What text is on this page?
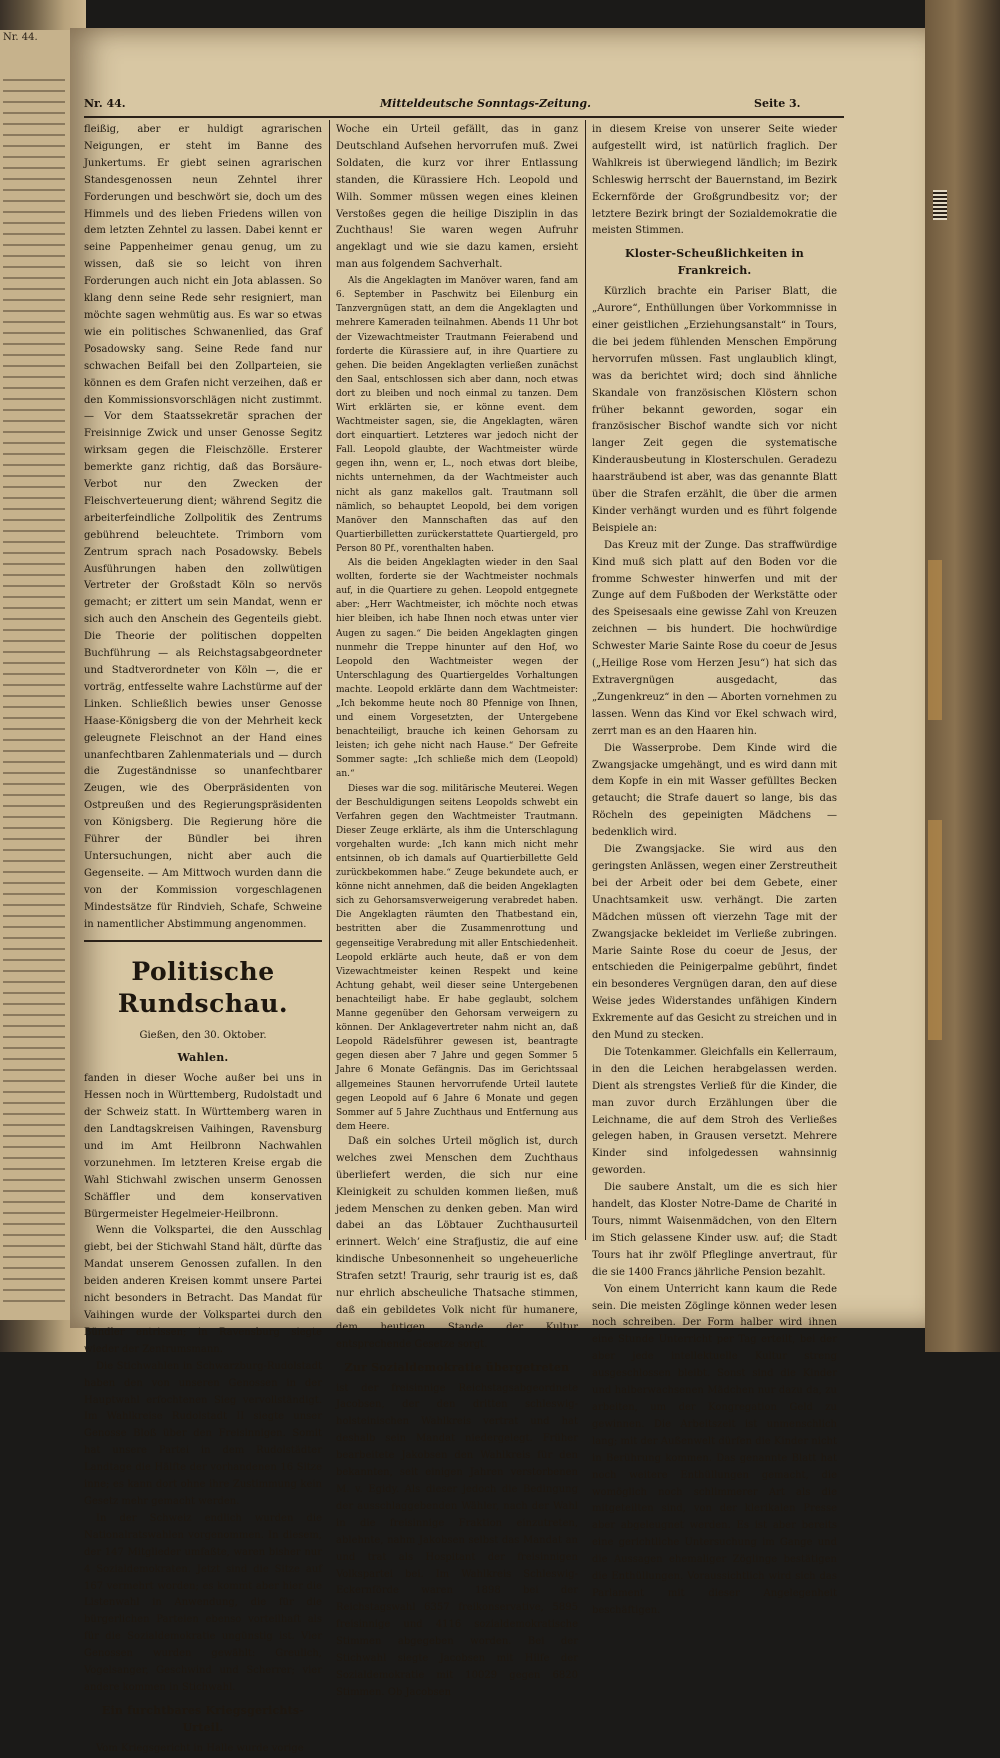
Nr. 44.
Nr. 44.	Mitteldeutsche Sonntags-Zeitung.	Seite 3.

fleißig, aber er huldigt agrarischen Neigungen, er steht im Banne des Junkertums. Er giebt seinen agrarischen Standesgenossen neun Zehntel ihrer Forderungen und beschwört sie, doch um des Himmels und des lieben Friedens willen von dem letzten Zehntel zu lassen. Dabei kennt er seine Pappenheimer genau genug, um zu wissen, daß sie so leicht von ihren Forderungen auch nicht ein Jota ablassen. So klang denn seine Rede sehr resigniert, man möchte sagen wehmütig aus. Es war so etwas wie ein politisches Schwanenlied, das Graf Posadowsky sang. Seine Rede fand nur schwachen Beifall bei den Zollparteien, sie können es dem Grafen nicht verzeihen, daß er den Kommissionsvorschlägen nicht zustimmt. — Vor dem Staatssekretär sprachen der Freisinnige Zwick und unser Genosse Segitz wirksam gegen die Fleischzölle. Ersterer bemerkte ganz richtig, daß das Borsäure-Verbot nur den Zwecken der Fleischverteuerung dient; während Segitz die arbeiterfeindliche Zollpolitik des Zentrums gebührend beleuchtete. Trimborn vom Zentrum sprach nach Posadowsky. Bebels Ausführungen haben den zollwütigen Vertreter der Großstadt Köln so nervös gemacht; er zittert um sein Mandat, wenn er sich auch den Anschein des Gegenteils giebt. Die Theorie der politischen doppelten Buchführung — als Reichstagsabgeordneter und Stadtverordneter von Köln —, die er vorträg, entfesselte wahre Lachstürme auf der Linken. Schließlich bewies unser Genosse Haase-Königsberg die von der Mehrheit keck geleugnete Fleischnot an der Hand eines unanfechtbaren Zahlenmaterials und — durch die Zugeständnisse so unanfechtbarer Zeugen, wie des Oberpräsidenten von Ostpreußen und des Regierungspräsidenten von Königsberg. Die Regierung höre die Führer der Bündler bei ihren Untersuchungen, nicht aber auch die Gegenseite. — Am Mittwoch wurden dann die von der Kommission vorgeschlagenen Mindestsätze für Rindvieh, Schafe, Schweine in namentlicher Abstimmung angenommen.

Politische Rundschau.

Gießen, den 30. Oktober.

Wahlen.

fanden in dieser Woche außer bei uns in Hessen noch in Württemberg, Rudolstadt und der Schweiz statt. In Württemberg waren in den Landtagskreisen Vaihingen, Ravensburg und im Amt Heilbronn Nachwahlen vorzunehmen. Im letzteren Kreise ergab die Wahl Stichwahl zwischen unserm Genossen Schäffler und dem konservativen Bürgermeister Hegelmeier-Heilbronn.

Wenn die Volkspartei, die den Ausschlag giebt, bei der Stichwahl Stand hält, dürfte das Mandat unserem Genossen zufallen. In den beiden anderen Kreisen kommt unsere Partei nicht besonders in Betracht. Das Mandat für Vaihingen wurde der Volkspartei durch den Bündler entrissen; in Ravensburg siegte wieder der Zentrumsmann.

Die Stichwahlen in Schwarzburg-Rudolstadt haben den von unseren Genossen in der Hauptwahl erfochtenen Sieg vervollständigt. Im Wahlkreise Rudolstadt II siegte unser Genosse Bloß über den Freisinnigen. Somit hat unsere Partei in dem Rudolstädter Landtage die Hälfte der vorhandenen 16 Sitze inne; es kann dort ohne ihre Zustimmung kein Gesetz mehr gemacht werden.

In der Schweiz endlich wurden die Nationalratswahlen vorgenommen. In diesem, der 147 Mitglieder umfaßte, waren bisher nur 4 Sozialdemokraten. Jetzt sind die Sitze auf 167 vermehrt worden; es kommt aber hier die Listenwahl in Anwendung, die für die bürgerlichen Parteien ebenso vorteilhaft als für die Sozialdemokratie ungünstig ist. Vier Genossen wurden gewählt: Greulich, Vogelsanger, Geschwind und Scherrer; vier andere kommen in Stichwahl.

Ein furchtbares Kriegsgerichts-Urteil.

Vom Kriegsgericht in Halle wurde vorige

Woche ein Urteil gefällt, das in ganz Deutschland Aufsehen hervorrufen muß. Zwei Soldaten, die kurz vor ihrer Entlassung standen, die Kürassiere Hch. Leopold und Wilh. Sommer müssen wegen eines kleinen Verstoßes gegen die heilige Disziplin in das Zuchthaus! Sie waren wegen Aufruhr angeklagt und wie sie dazu kamen, ersieht man aus folgendem Sachverhalt.

Als die Angeklagten im Manöver waren, fand am 6. September in Paschwitz bei Eilenburg ein Tanzvergnügen statt, an dem die Angeklagten und mehrere Kameraden teilnahmen. Abends 11 Uhr bot der Vizewachtmeister Trautmann Feierabend und forderte die Kürassiere auf, in ihre Quartiere zu gehen. Die beiden Angeklagten verließen zunächst den Saal, entschlossen sich aber dann, noch etwas dort zu bleiben und noch einmal zu tanzen. Dem Wirt erklärten sie, er könne event. dem Wachtmeister sagen, sie, die Angeklagten, wären dort einquartiert. Letzteres war jedoch nicht der Fall. Leopold glaubte, der Wachtmeister würde gegen ihn, wenn er, L., noch etwas dort bleibe, nichts unternehmen, da der Wachtmeister auch nicht als ganz makellos galt. Trautmann soll nämlich, so behauptet Leopold, bei dem vorigen Manöver den Mannschaften das auf den Quartierbilletten zurückerstattete Quartiergeld, pro Person 80 Pf., vorenthalten haben.

Als die beiden Angeklagten wieder in den Saal wollten, forderte sie der Wachtmeister nochmals auf, in die Quartiere zu gehen. Leopold entgegnete aber: „Herr Wachtmeister, ich möchte noch etwas hier bleiben, ich habe Ihnen noch etwas unter vier Augen zu sagen.“ Die beiden Angeklagten gingen nunmehr die Treppe hinunter auf den Hof, wo Leopold den Wachtmeister wegen der Unterschlagung des Quartiergeldes Vorhaltungen machte. Leopold erklärte dann dem Wachtmeister: „Ich bekomme heute noch 80 Pfennige von Ihnen, und einem Vorgesetzten, der Untergebene benachteiligt, brauche ich keinen Gehorsam zu leisten; ich gehe nicht nach Hause.“ Der Gefreite Sommer sagte: „Ich schließe mich dem (Leopold) an.“

Dieses war die sog. militärische Meuterei. Wegen der Beschuldigungen seitens Leopolds schwebt ein Verfahren gegen den Wachtmeister Trautmann. Dieser Zeuge erklärte, als ihm die Unterschlagung vorgehalten wurde: „Ich kann mich nicht mehr entsinnen, ob ich damals auf Quartierbillette Geld zurückbekommen habe.“ Zeuge bekundete auch, er könne nicht annehmen, daß die beiden Angeklagten sich zu Gehorsamsverweigerung verabredet haben. Die Angeklagten räumten den Thatbestand ein, bestritten aber die Zusammenrottung und gegenseitige Verabredung mit aller Entschiedenheit. Leopold erklärte auch heute, daß er von dem Vizewachtmeister keinen Respekt und keine Achtung gehabt, weil dieser seine Untergebenen benachteiligt habe. Er habe geglaubt, solchem Manne gegenüber den Gehorsam verweigern zu können. Der Anklagevertreter nahm nicht an, daß Leopold Rädelsführer gewesen ist, beantragte gegen diesen aber 7 Jahre und gegen Sommer 5 Jahre 6 Monate Gefängnis. Das im Gerichtssaal allgemeines Staunen hervorrufende Urteil lautete gegen Leopold auf 6 Jahre 6 Monate und gegen Sommer auf 5 Jahre Zuchthaus und Entfernung aus dem Heere.

Daß ein solches Urteil möglich ist, durch welches zwei Menschen dem Zuchthaus überliefert werden, die sich nur eine Kleinigkeit zu schulden kommen ließen, muß jedem Menschen zu denken geben. Man wird dabei an das Löbtauer Zuchthausurteil erinnert. Welch’ eine Strafjustiz, die auf eine kindische Unbesonnenheit so ungeheuerliche Strafen setzt! Traurig, sehr traurig ist es, daß nur ehrlich abscheuliche Thatsache stimmen, daß ein gebildetes Volk nicht für humanere, dem heutigen Stande der Kultur entsprechende Gesetze sorgt.

Zur Sozialdemokratie übergetreten

ist der freisinnige Reichstagsabgeordnete Jacobsen, der den dritten schleswig-holsteinischen Wahlkreis vertrat und hat deshalb sein Mandat niedergelegt. Früher bearbeitete Jakobsen den Wahlkreis für den bekannten, seit einigen Jahren verstorbenen M. v. Egidy. Als dieser jedoch die Bedingung der ausschlaggebenden Wähler, nach der Wahl in die freisinnige Fraktion einzutreten, ablehnte, nahm Jakobsen selbst das Mandat an und trat als Hospitant der freisinnigen Volkspartei bei. Im Wahlkreis Schleswig-Eckernförde waren 1898 bei der Reichstagswahl 6357 freikonservative, 5895 freisinnige und 4116 sozialdemokratische Stimmen abgegeben worden. Bei der Stichwahl siegte Jacobsen mit Hilfe der Sozialdemokratie mit 10029 gegen 6820 Stimmen. Ob Jacobsen

in diesem Kreise von unserer Seite wieder aufgestellt wird, ist natürlich fraglich. Der Wahlkreis ist überwiegend ländlich; im Bezirk Schleswig herrscht der Bauernstand, im Bezirk Eckernförde der Großgrundbesitz vor; der letztere Bezirk bringt der Sozialdemokratie die meisten Stimmen.

Kloster-Scheußlichkeiten in Frankreich.

Kürzlich brachte ein Pariser Blatt, die „Aurore“, Enthüllungen über Vorkommnisse in einer geistlichen „Erziehungsanstalt“ in Tours, die bei jedem fühlenden Menschen Empörung hervorrufen müssen. Fast unglaublich klingt, was da berichtet wird; doch sind ähnliche Skandale von französischen Klöstern schon früher bekannt geworden, sogar ein französischer Bischof wandte sich vor nicht langer Zeit gegen die systematische Kinderausbeutung in Klosterschulen. Geradezu haarsträubend ist aber, was das genannte Blatt über die Strafen erzählt, die über die armen Kinder verhängt wurden und es führt folgende Beispiele an:

Das Kreuz mit der Zunge. Das straffwürdige Kind muß sich platt auf den Boden vor die fromme Schwester hinwerfen und mit der Zunge auf dem Fußboden der Werkstätte oder des Speisesaals eine gewisse Zahl von Kreuzen zeichnen — bis hundert. Die hochwürdige Schwester Marie Sainte Rose du coeur de Jesus („Heilige Rose vom Herzen Jesu“) hat sich das Extravergnügen ausgedacht, das „Zungenkreuz“ in den — Aborten vornehmen zu lassen. Wenn das Kind vor Ekel schwach wird, zerrt man es an den Haaren hin.

Die Wasserprobe. Dem Kinde wird die Zwangsjacke umgehängt, und es wird dann mit dem Kopfe in ein mit Wasser gefülltes Becken getaucht; die Strafe dauert so lange, bis das Röcheln des gepeinigten Mädchens — bedenklich wird.

Die Zwangsjacke. Sie wird aus den geringsten Anlässen, wegen einer Zerstreutheit bei der Arbeit oder bei dem Gebete, einer Unachtsamkeit usw. verhängt. Die zarten Mädchen müssen oft vierzehn Tage mit der Zwangsjacke bekleidet im Verließe zubringen. Marie Sainte Rose du coeur de Jesus, der entschieden die Peinigerpalme gebührt, findet ein besonderes Vergnügen daran, den auf diese Weise jedes Widerstandes unfähigen Kindern Exkremente auf das Gesicht zu streichen und in den Mund zu stecken.

Die Totenkammer. Gleichfalls ein Kellerraum, in den die Leichen herabgelassen werden. Dient als strengstes Verließ für die Kinder, die man zuvor durch Erzählungen über die Leichname, die auf dem Stroh des Verließes gelegen haben, in Grausen versetzt. Mehrere Kinder sind infolgedessen wahnsinnig geworden.

Die saubere Anstalt, um die es sich hier handelt, das Kloster Notre-Dame de Charité in Tours, nimmt Waisenmädchen, von den Eltern im Stich gelassene Kinder usw. auf; die Stadt Tours hat ihr zwölf Pfleglinge anvertraut, für die sie 1400 Francs jährliche Pension bezahlt.

Von einem Unterricht kann kaum die Rede sein. Die meisten Zöglinge können weder lesen noch schreiben. Der Form halber wird ihnen eine Stunde Unterricht per Tag erteilt, bei der aber jede intellektuelle Kultur streng ausgeschlossen bleibt. Sonst sind die Kinder und halberwachsenen Mädchen nur dazu da, zu arbeiten, um der Kongregation Geld zu gewinnen. Die Arbeitszeit ist unmenschlich lang; mit der Außenwelt dürfen die Kinder nicht in Berührung kommen. Das genannte Blatt hat noch weitere Enthüllungen gemacht, die womöglich noch schlimmerer Art als die mitgeteilten sind, von der klerikalen Presse aber abgeleugnet werden. Es ist aber bereits eine gerichtliche Untersuchung im Gange und die Aussagen ehemaliger Zöglinge bestätigen die Enthüllungen. Voraussichtlich wird sich das Parlament mit dieser Angelegenheit beschäftigen.
